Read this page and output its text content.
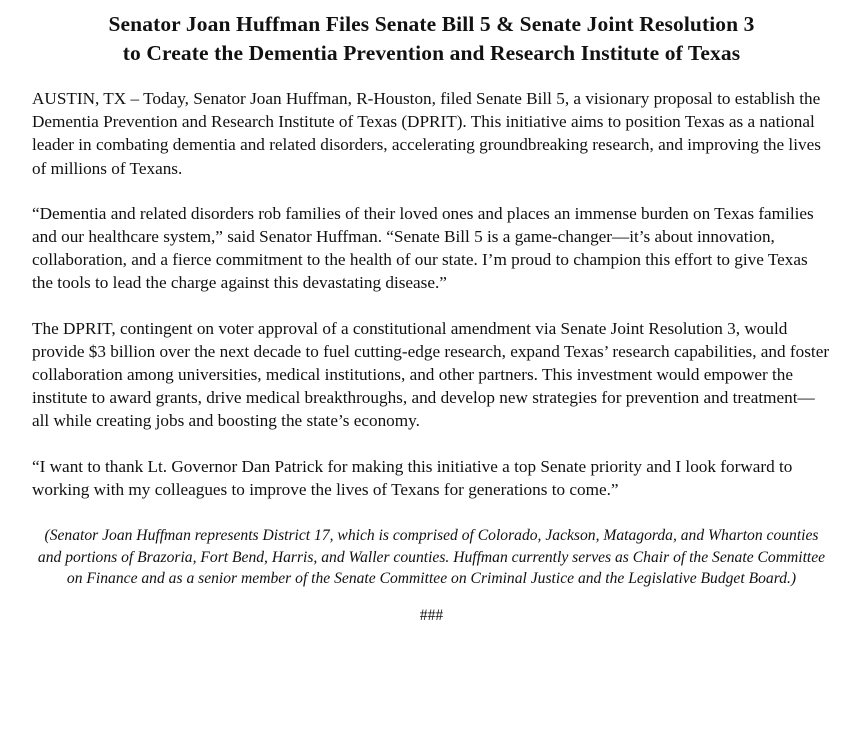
Senator Joan Huffman Files Senate Bill 5 & Senate Joint Resolution 3
to Create the Dementia Prevention and Research Institute of Texas

AUSTIN, TX – Today, Senator Joan Huffman, R-Houston, filed Senate Bill 5, a visionary proposal to establish the Dementia Prevention and Research Institute of Texas (DPRIT). This initiative aims to position Texas as a national leader in combating dementia and related disorders, accelerating groundbreaking research, and improving the lives of millions of Texans.

“Dementia and related disorders rob families of their loved ones and places an immense burden on Texas families and our healthcare system,” said Senator Huffman. “Senate Bill 5 is a game-changer—it’s about innovation, collaboration, and a fierce commitment to the health of our state. I’m proud to champion this effort to give Texas the tools to lead the charge against this devastating disease.”

The DPRIT, contingent on voter approval of a constitutional amendment via Senate Joint Resolution 3, would provide $3 billion over the next decade to fuel cutting-edge research, expand Texas’ research capabilities, and foster collaboration among universities, medical institutions, and other partners. This investment would empower the institute to award grants, drive medical breakthroughs, and develop new strategies for prevention and treatment—all while creating jobs and boosting the state’s economy.

“I want to thank Lt. Governor Dan Patrick for making this initiative a top Senate priority and I look forward to working with my colleagues to improve the lives of Texans for generations to come.”

(Senator Joan Huffman represents District 17, which is comprised of Colorado, Jackson, Matagorda, and Wharton counties and portions of Brazoria, Fort Bend, Harris, and Waller counties. Huffman currently serves as Chair of the Senate Committee on Finance and as a senior member of the Senate Committee on Criminal Justice and the Legislative Budget Board.)

###
